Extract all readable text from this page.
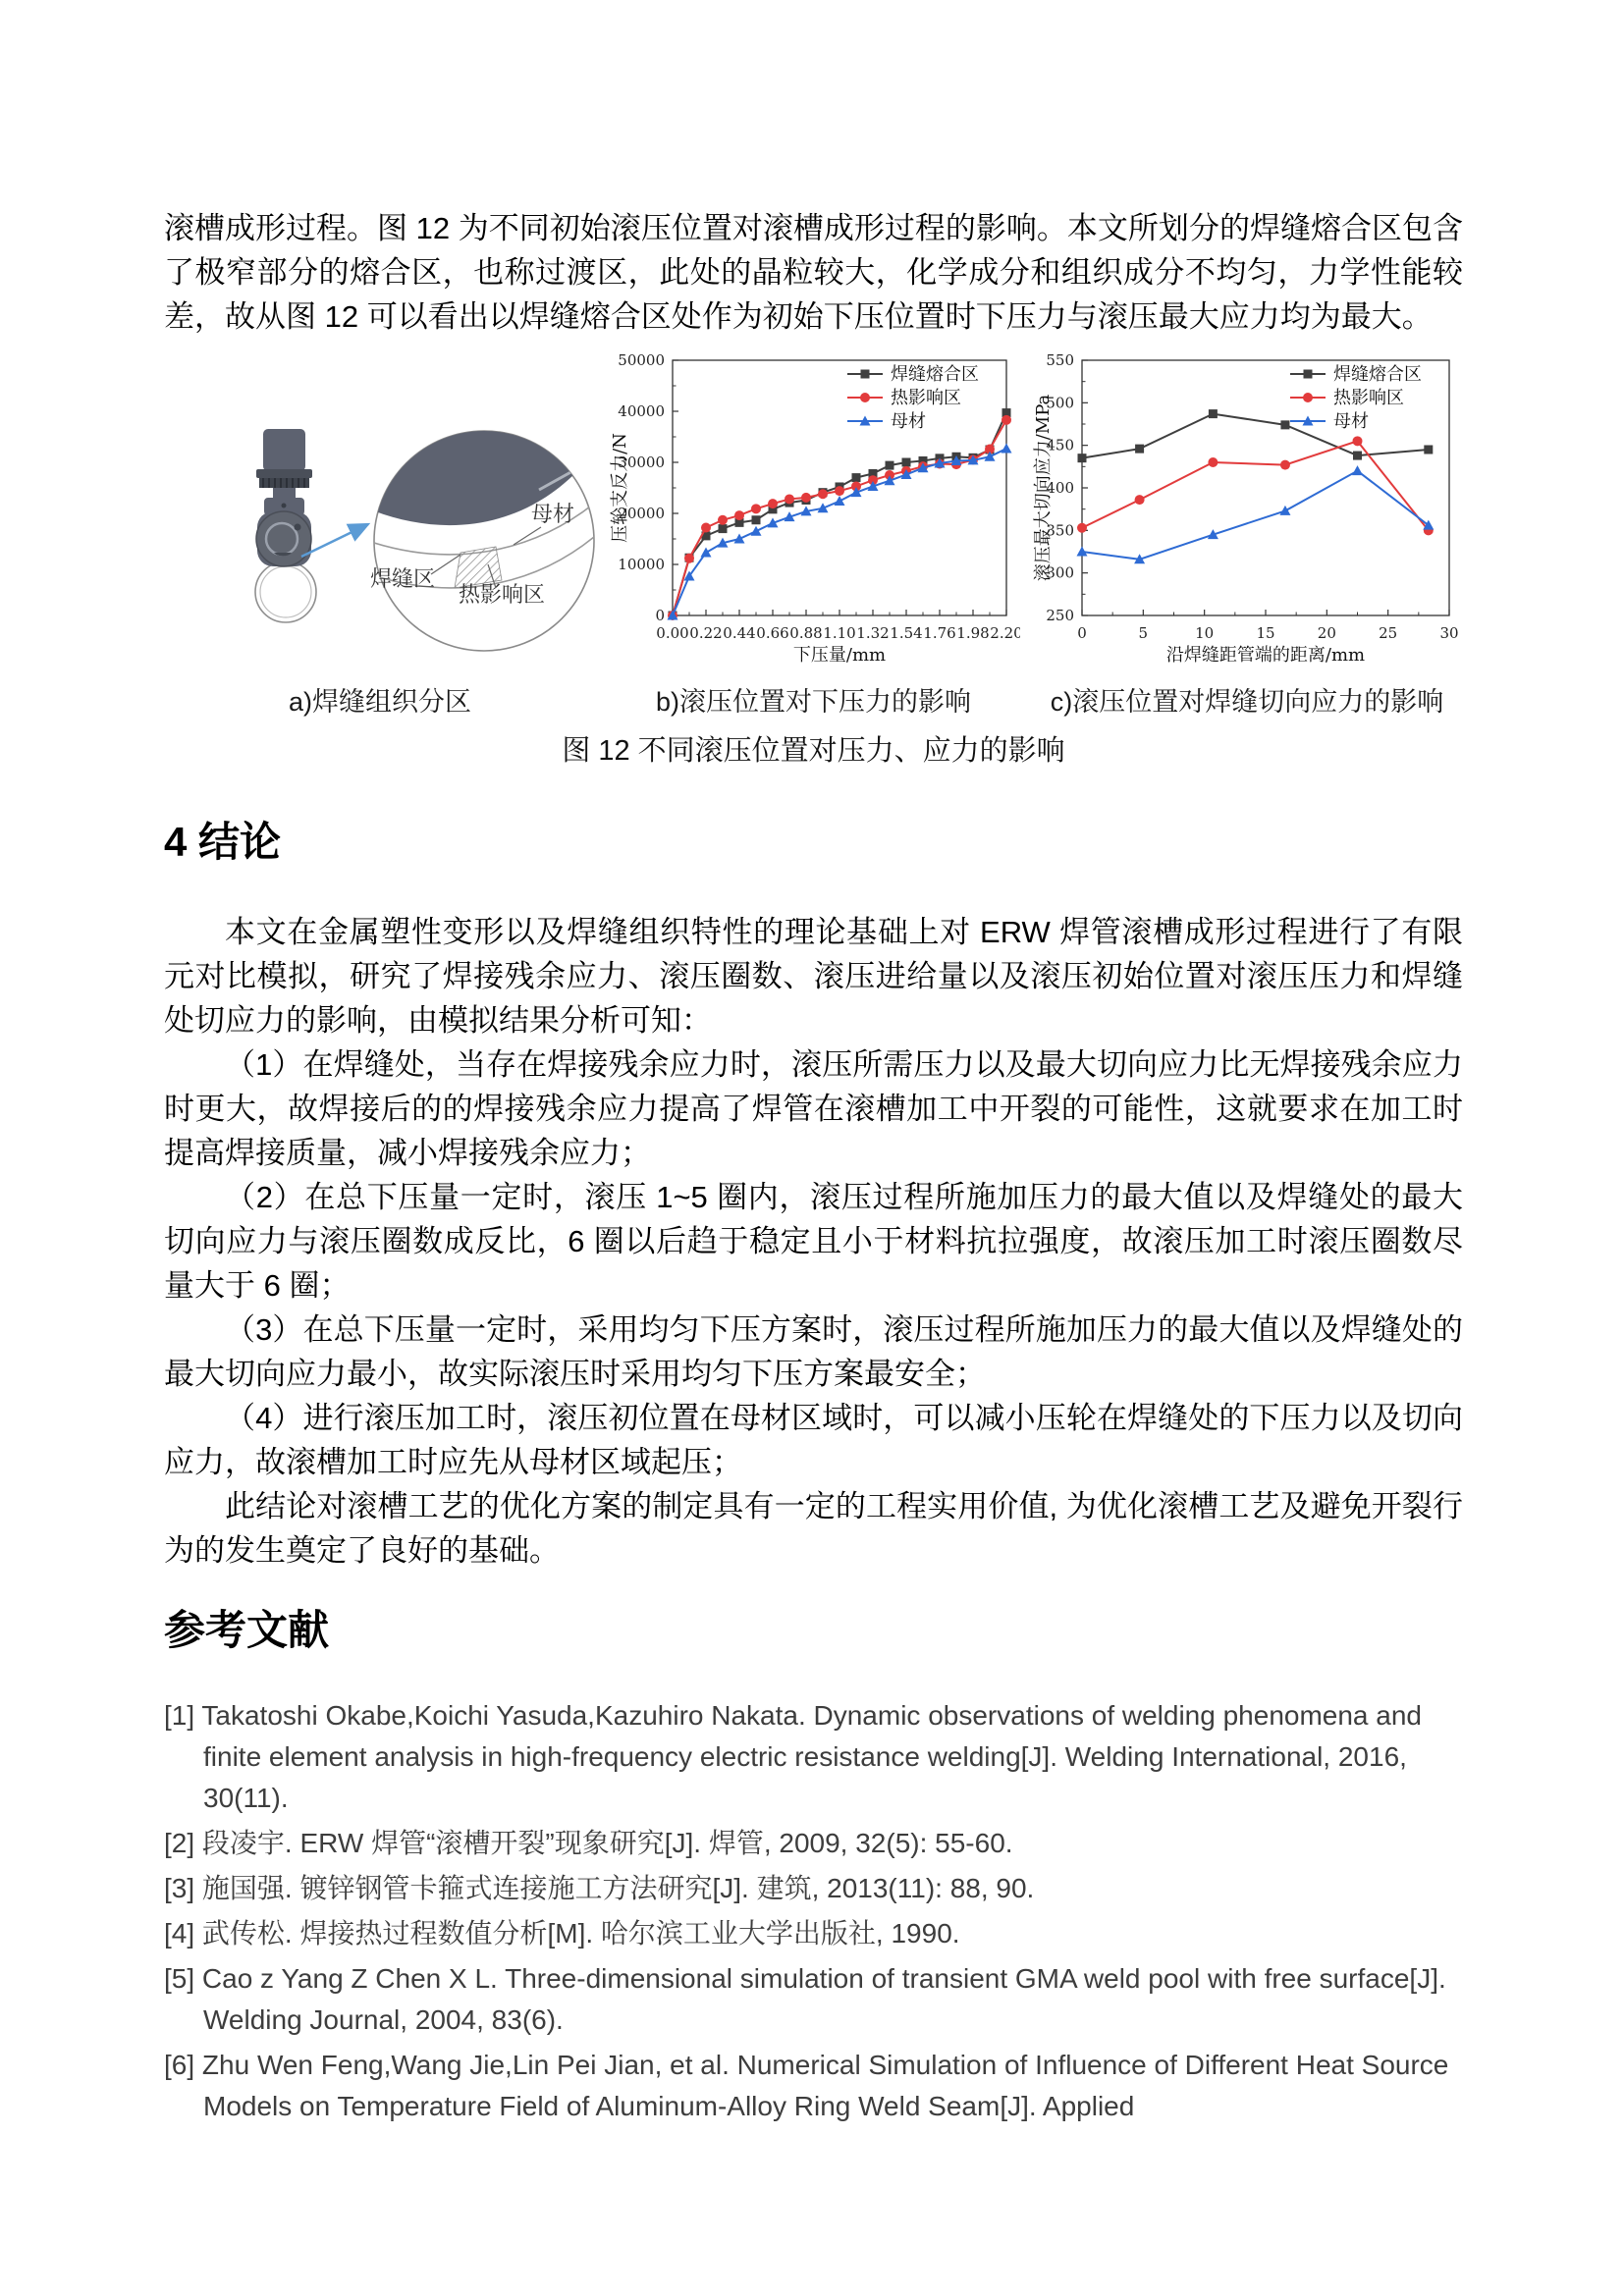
滚槽成形过程。图 12 为不同初始滚压位置对滚槽成形过程的影响。本文所划分的焊缝熔合区包含了极窄部分的熔合区，也称过渡区，此处的晶粒较大，化学成分和组织成分不均匀，力学性能较差，故从图 12 可以看出以焊缝熔合区处作为初始下压位置时下压力与滚压最大应力均为最大。

母材
焊缝区
热影响区
0.00 0.22 0.44 0.66 0.88 1.10 1.32 1.54 1.76 1.98 2.20
0
10000
20000
30000
40000
50000
下压量/mm
压轮支反力/N
焊缝熔合区
热影响区
母材
0	5	10	15	20	25	30
250
300
350
400
450
500
550
沿焊缝距管端的距离/mm
滚压最大切向应力/MPa
焊缝熔合区
热影响区
母材
a)焊缝组织分区	b)滚压位置对下压力的影响	c)滚压位置对焊缝切向应力的影响
图 12 不同滚压位置对压力、应力的影响
4 结论

本文在金属塑性变形以及焊缝组织特性的理论基础上对 ERW 焊管滚槽成形过程进行了有限元对比模拟，研究了焊接残余应力、滚压圈数、滚压进给量以及滚压初始位置对滚压压力和焊缝处切应力的影响，由模拟结果分析可知：

（1）在焊缝处，当存在焊接残余应力时，滚压所需压力以及最大切向应力比无焊接残余应力时更大，故焊接后的的焊接残余应力提高了焊管在滚槽加工中开裂的可能性，这就要求在加工时提高焊接质量，减小焊接残余应力；

（2）在总下压量一定时，滚压 1~5 圈内，滚压过程所施加压力的最大值以及焊缝处的最大切向应力与滚压圈数成反比，6 圈以后趋于稳定且小于材料抗拉强度，故滚压加工时滚压圈数尽量大于 6 圈；

（3）在总下压量一定时，采用均匀下压方案时，滚压过程所施加压力的最大值以及焊缝处的最大切向应力最小，故实际滚压时采用均匀下压方案最安全；

（4）进行滚压加工时，滚压初位置在母材区域时，可以减小压轮在焊缝处的下压力以及切向应力，故滚槽加工时应先从母材区域起压；

此结论对滚槽工艺的优化方案的制定具有一定的工程实用价值, 为优化滚槽工艺及避免开裂行为的发生奠定了良好的基础。

参考文献
[1] Takatoshi Okabe,Koichi Yasuda,Kazuhiro Nakata. Dynamic observations of welding phenomena and finite element analysis in high-frequency electric resistance welding[J]. Welding International, 2016, 30(11).
[2] 段凌宇. ERW 焊管“滚槽开裂”现象研究[J]. 焊管, 2009, 32(5): 55-60.
[3] 施国强. 镀锌钢管卡箍式连接施工方法研究[J]. 建筑, 2013(11): 88, 90.
[4] 武传松. 焊接热过程数值分析[M]. 哈尔滨工业大学出版社, 1990.
[5] Cao z Yang Z Chen X L. Three-dimensional simulation of transient GMA weld pool with free surface[J]. Welding Journal, 2004, 83(6).
[6] Zhu Wen Feng,Wang Jie,Lin Pei Jian, et al. Numerical Simulation of Influence of Different Heat Source Models on Temperature Field of Aluminum-Alloy Ring Weld Seam[J]. Applied
